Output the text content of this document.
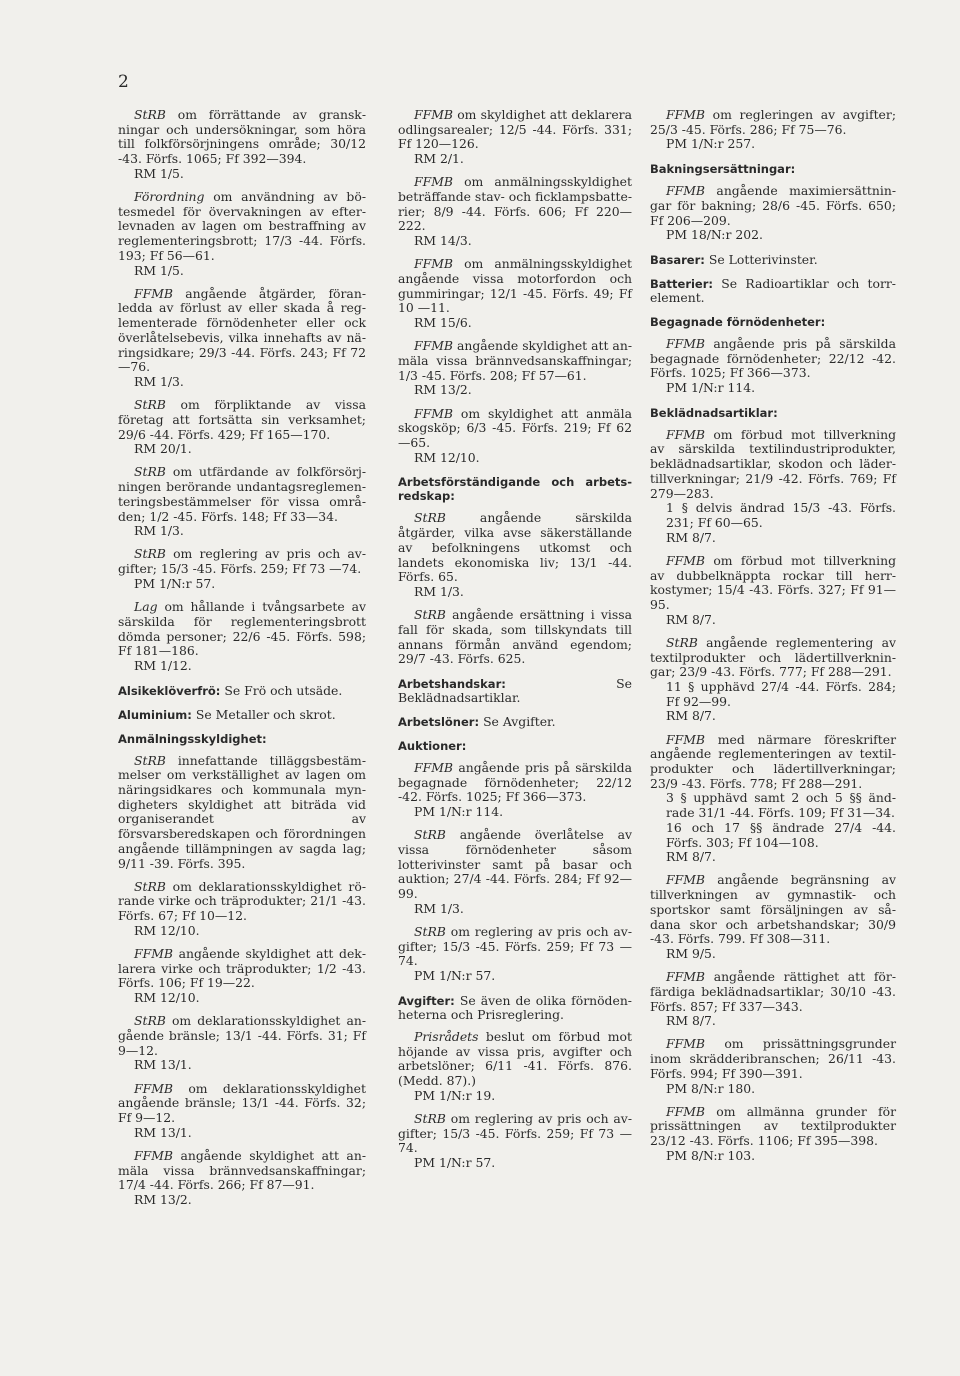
2

StRB om förrättande av granskningar och undersökningar, som höra till folkförsörjningens område; 30/12 -43. Förfs. 1065; Ff 392—394.

RM 1/5.

Förordning om användning av bötesmedel för övervakningen av efterlevnaden av lagen om bestraffning av reglementeringsbrott; 17/3 -44. Förfs. 193; Ff 56—61.

RM 1/5.

FFMB angående åtgärder, föranledda av förlust av eller skada å reglementerade förnödenheter eller ock överlåtelsebevis, vilka innehafts av näringsidkare; 29/3 -44. Förfs. 243; Ff 72—76.

RM 1/3.

StRB om förpliktande av vissa företag att fortsätta sin verksamhet; 29/6 -44. Förfs. 429; Ff 165—170.

RM 20/1.

StRB om utfärdande av folkförsörjningen berörande undantagsreglementeringsbestämmelser för vissa områden; 1/2 -45. Förfs. 148; Ff 33—34.

RM 1/3.

StRB om reglering av pris och avgifter; 15/3 -45. Förfs. 259; Ff 73 —74.

PM 1/N:r 57.

Lag om hållande i tvångsarbete av särskilda för reglementeringsbrott dömda personer; 22/6 -45. Förfs. 598; Ff 181—186.

RM 1/12.
Alsikeklöverfrö: Se Frö och utsäde.
Aluminium: Se Metaller och skrot.
Anmälningsskyldighet:

StRB innefattande tilläggsbestämmelser om verkställighet av lagen om näringsidkares och kommunala myndigheters skyldighet att biträda vid organiserandet av försvarsberedskapen och förordningen angående tillämpningen av sagda lag; 9/11 -39. Förfs. 395.

StRB om deklarationsskyldighet rörande virke och träprodukter; 21/1 -43. Förfs. 67; Ff 10—12.

RM 12/10.

FFMB angående skyldighet att deklarera virke och träprodukter; 1/2 -43. Förfs. 106; Ff 19—22.

RM 12/10.

StRB om deklarationsskyldighet angående bränsle; 13/1 -44. Förfs. 31; Ff 9—12.

RM 13/1.

FFMB om deklarationsskyldighet angående bränsle; 13/1 -44. Förfs. 32; Ff 9—12.

RM 13/1.

FFMB angående skyldighet att anmäla vissa brännvedsanskaffningar; 17/4 -44. Förfs. 266; Ff 87—91.

RM 13/2.

FFMB om skyldighet att deklarera odlingsarealer; 12/5 -44. Förfs. 331; Ff 120—126.

RM 2/1.

FFMB om anmälningsskyldighet beträffande stav- och ficklampsbatterier; 8/9 -44. Förfs. 606; Ff 220—222.

RM 14/3.

FFMB om anmälningsskyldighet angående vissa motorfordon och gummiringar; 12/1 -45. Förfs. 49; Ff 10 —11.

RM 15/6.

FFMB angående skyldighet att anmäla vissa brännvedsanskaffningar; 1/3 -45. Förfs. 208; Ff 57—61.

RM 13/2.

FFMB om skyldighet att anmäla skogsköp; 6/3 -45. Förfs. 219; Ff 62—65.

RM 12/10.
Arbetsförständigande och arbetsredskap:

StRB angående särskilda åtgärder, vilka avse säkerställande av befolkningens utkomst och landets ekonomiska liv; 13/1 -44. Förfs. 65.

RM 1/3.

StRB angående ersättning i vissa fall för skada, som tillskyndats till annans förmån använd egendom; 29/7 -43. Förfs. 625.

Arbetshandskar:	Se Beklädnadsartiklar.
Arbetslöner: Se Avgifter.
Auktioner:

FFMB angående pris på särskilda begagnade förnödenheter; 22/12 -42. Förfs. 1025; Ff 366—373.

PM 1/N:r 114.

StRB angående överlåtelse av vissa förnödenheter såsom lotterivinster samt på basar och auktion; 27/4 -44. Förfs. 284; Ff 92—99.

RM 1/3.

StRB om reglering av pris och avgifter; 15/3 -45. Förfs. 259; Ff 73 —74.

PM 1/N:r 57.
Avgifter: Se även de olika förnödenheterna och Prisreglering.

Prisrådets beslut om förbud mot höjande av vissa pris, avgifter och arbetslöner; 6/11 -41. Förfs. 876. (Medd. 87).)

PM 1/N:r 19.

StRB om reglering av pris och avgifter; 15/3 -45. Förfs. 259; Ff 73 —74.

PM 1/N:r 57.

FFMB om regleringen av avgifter; 25/3 -45. Förfs. 286; Ff 75—76.

PM 1/N:r 257.
Bakningsersättningar:

FFMB angående maximiersättningar för bakning; 28/6 -45. Förfs. 650; Ff 206—209.

PM 18/N:r 202.
Basarer: Se Lotterivinster.
Batterier: Se Radioartiklar och torrelement.
Begagnade förnödenheter:

FFMB angående pris på särskilda begagnade förnödenheter; 22/12 -42. Förfs. 1025; Ff 366—373.

PM 1/N:r 114.
Beklädnadsartiklar:

FFMB om förbud mot tillverkning av särskilda textilindustriprodukter, beklädnadsartiklar, skodon och lädertillverkningar; 21/9 -42. Förfs. 769; Ff 279—283.

1 § delvis ändrad 15/3 -43. Förfs. 231; Ff 60—65.
RM 8/7.

FFMB om förbud mot tillverkning av dubbelknäppta rockar till herrkostymer; 15/4 -43. Förfs. 327; Ff 91—95.

RM 8/7.

StRB angående reglementering av textilprodukter och lädertillverkningar; 23/9 -43. Förfs. 777; Ff 288—291.

11 § upphävd 27/4 -44. Förfs. 284; Ff 92—99.
RM 8/7.

FFMB med närmare föreskrifter angående reglementeringen av textilprodukter och lädertillverkningar; 23/9 -43. Förfs. 778; Ff 288—291.

3 § upphävd samt 2 och 5 §§ ändrade 31/1 -44. Förfs. 109; Ff 31—34.
16 och 17 §§ ändrade 27/4 -44. Förfs. 303; Ff 104—108.
RM 8/7.

FFMB angående begränsning av tillverkningen av gymnastik- och sportskor samt försäljningen av sådana skor och arbetshandskar; 30/9 -43. Förfs. 799. Ff 308—311.

RM 9/5.

FFMB angående rättighet att förfärdiga beklädnadsartiklar; 30/10 -43. Förfs. 857; Ff 337—343.

RM 8/7.

FFMB om prissättningsgrunder inom skrädderibranschen; 26/11 -43. Förfs. 994; Ff 390—391.

PM 8/N:r 180.

FFMB om allmänna grunder för prissättningen av textilprodukter 23/12 -43. Förfs. 1106; Ff 395—398.

PM 8/N:r 103.
